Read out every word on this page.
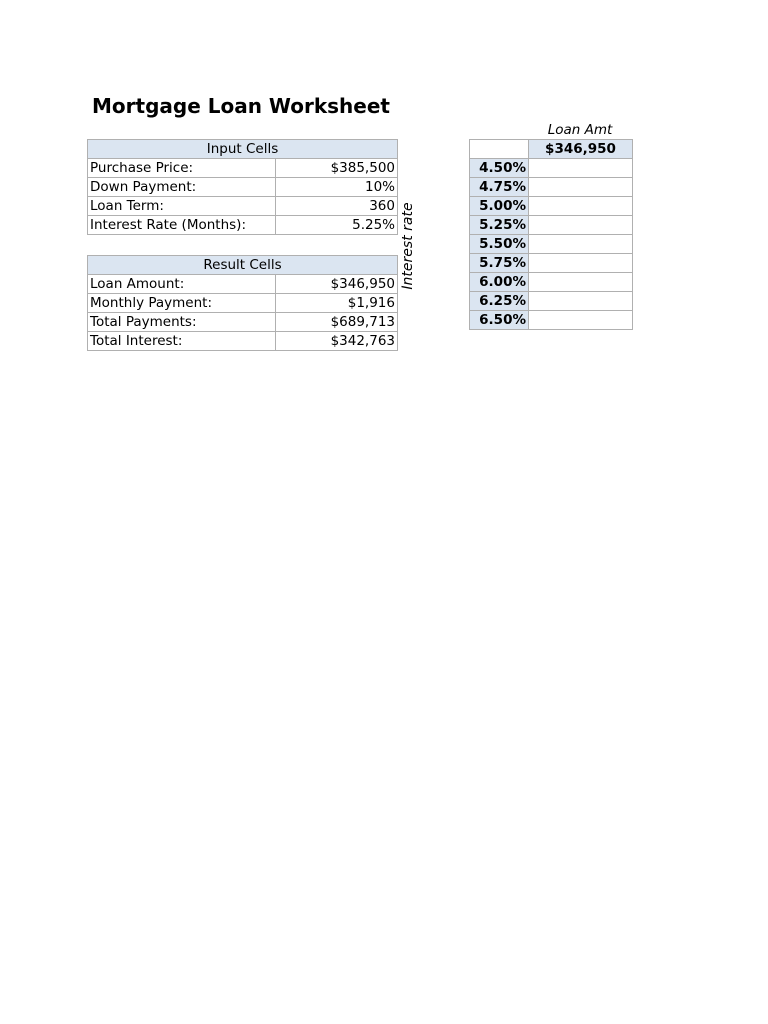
Mortgage Loan Worksheet
Input Cells	
Purchase Price:	$385,500
Down Payment:	10%
Loan Term:	360
Interest Rate (Months):	5.25%
Result Cells	
Loan Amount:	$346,950
Monthly Payment:	$1,916
Total Payments:	$689,713
Total Interest:	$342,763
Loan Amt
Interest rate
	$346,950
4.50%	
4.75%	
5.00%	
5.25%	
5.50%	
5.75%	
6.00%	
6.25%	
6.50%	
